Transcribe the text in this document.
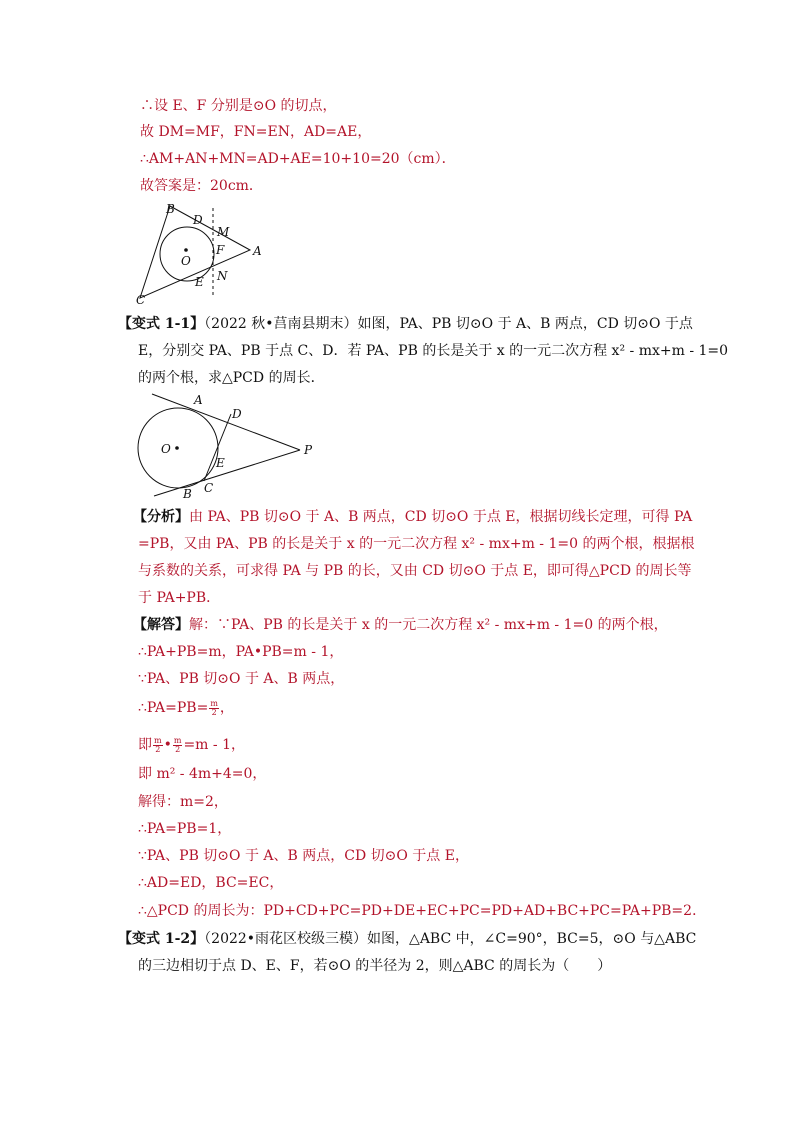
∴设 E、F 分别是⊙O 的切点，
故 DM=MF，FN=EN，AD=AE，
∴AM+AN+MN=AD+AE=10+10=20（cm）．
故答案是：20cm．
B
D
M
F A
O
N
E
C
【变式 1-1】（2022 秋•莒南县期末）如图，PA、PB 切⊙O 于 A、B 两点，CD 切⊙O 于点
E，分别交 PA、PB 于点 C、D．若 PA、PB 的长是关于 x 的一元二次方程 x² - mx+m - 1=0
的两个根，求△PCD 的周长．
A
D
O
E
P
C
B
【分析】由 PA、PB 切⊙O 于 A、B 两点，CD 切⊙O 于点 E，根据切线长定理，可得 PA
=PB，又由 PA、PB 的长是关于 x 的一元二次方程 x² - mx+m - 1=0 的两个根，根据根
与系数的关系，可求得 PA 与 PB 的长，又由 CD 切⊙O 于点 E，即可得△PCD 的周长等
于 PA+PB．
【解答】解：∵PA、PB 的长是关于 x 的一元二次方程 x² - mx+m - 1=0 的两个根，
∴PA+PB=m，PA•PB=m - 1，
∵PA、PB 切⊙O 于 A、B 两点，
∴PA=PB= $\frac{m}{2}$ ，
即 $\frac{m}{2}$ • $\frac{m}{2} =m - 1$，
即 m² - 4m+4=0，
解得：m=2，
∴PA=PB=1，
∵PA、PB 切⊙O 于 A、B 两点，CD 切⊙O 于点 E，
∴AD=ED，BC=EC，
∴△PCD 的周长为：PD+CD+PC=PD+DE+EC+PC=PD+AD+BC+PC=PA+PB=2．
【变式 1-2】（2022•雨花区校级三模）如图，△ABC 中，∠C=90°，BC=5，⊙O 与△ABC
的三边相切于点 D、E、F，若⊙O 的半径为 2，则△ABC 的周长为（　　）
